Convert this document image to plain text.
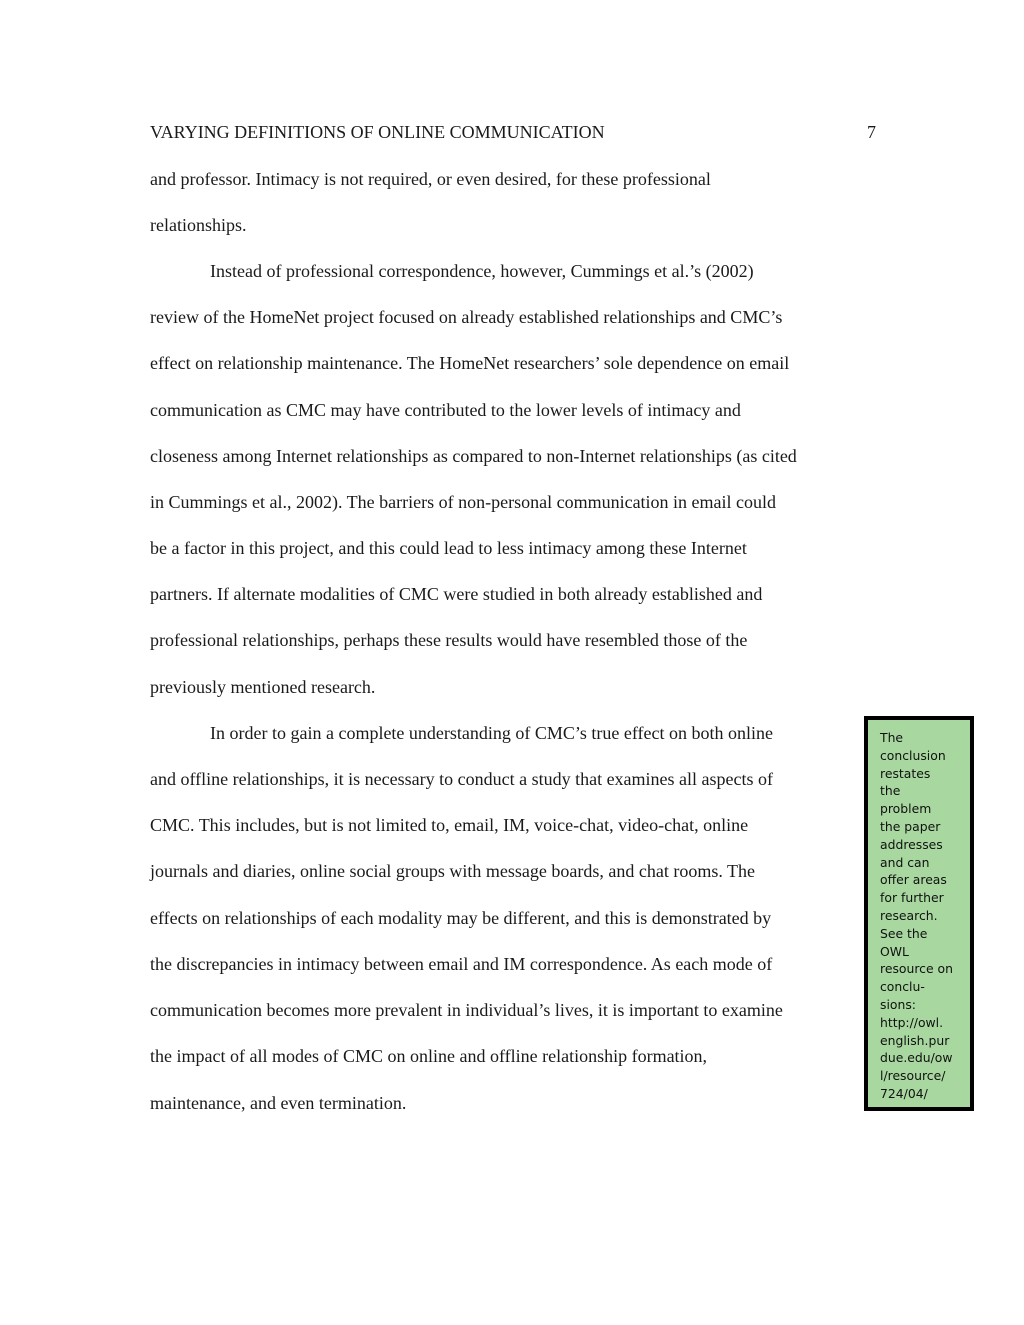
VARYING DEFINITIONS OF ONLINE COMMUNICATION	7
and professor. Intimacy is not required, or even desired, for these professional
relationships.
Instead of professional correspondence, however, Cummings et al.’s (2002)
review of the HomeNet project focused on already established relationships and CMC’s
effect on relationship maintenance. The HomeNet researchers’ sole dependence on email
communication as CMC may have contributed to the lower levels of intimacy and
closeness among Internet relationships as compared to non-Internet relationships (as cited
in Cummings et al., 2002). The barriers of non-personal communication in email could
be a factor in this project, and this could lead to less intimacy among these Internet
partners. If alternate modalities of CMC were studied in both already established and
professional relationships, perhaps these results would have resembled those of the
previously mentioned research.
In order to gain a complete understanding of CMC’s true effect on both online
and offline relationships, it is necessary to conduct a study that examines all aspects of
CMC. This includes, but is not limited to, email, IM, voice-chat, video-chat, online
journals and diaries, online social groups with message boards, and chat rooms. The
effects on relationships of each modality may be different, and this is demonstrated by
the discrepancies in intimacy between email and IM correspondence. As each mode of
communication becomes more prevalent in individual’s lives, it is important to examine
the impact of all modes of CMC on online and offline relationship formation,
maintenance, and even termination.
The
conclusion
restates
the
problem
the paper
addresses
and can
offer areas
for further
research.
See the
OWL
resource on
conclu-
sions:
http://owl.
english.pur
due.edu/ow
l/resource/
724/04/
